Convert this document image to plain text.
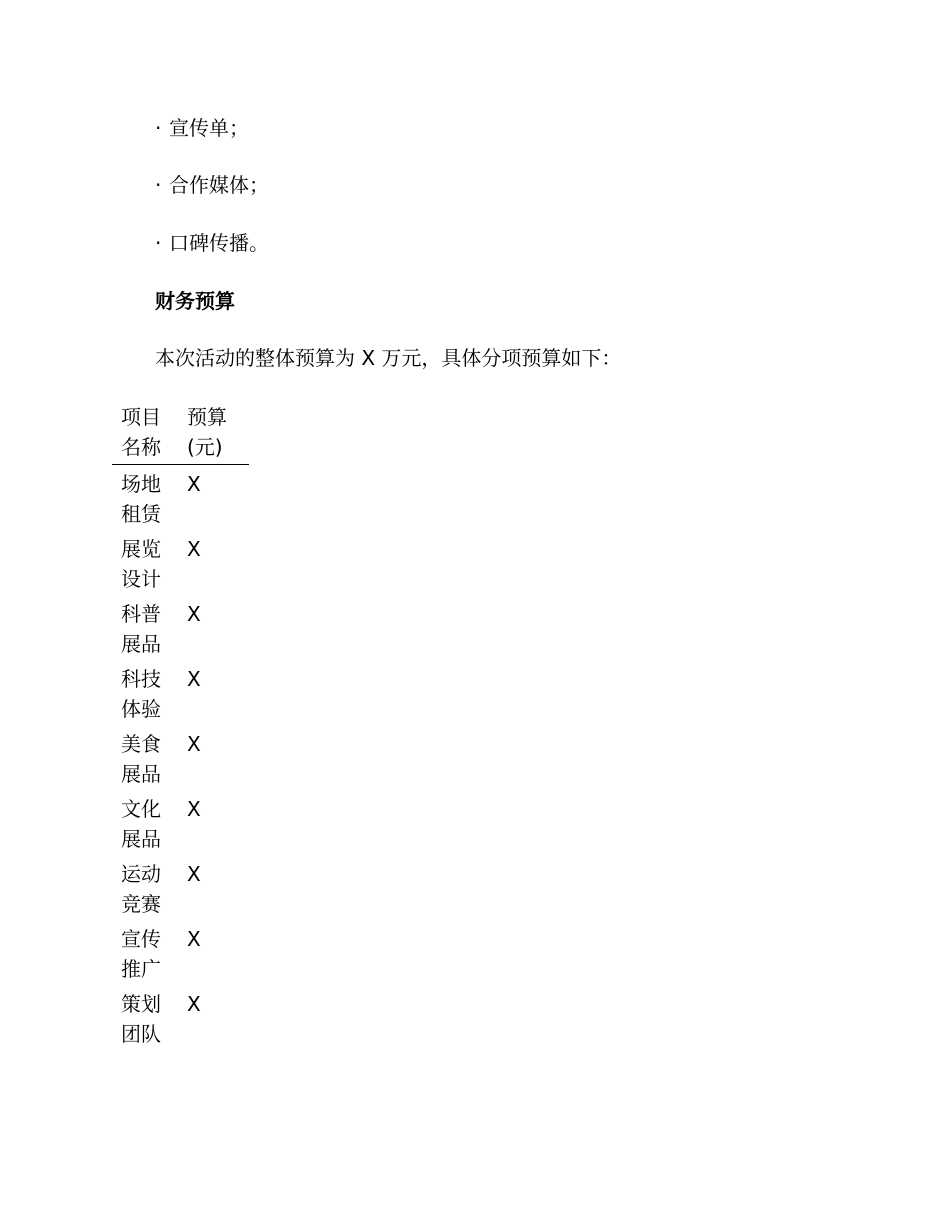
· 宣传单；
· 合作媒体；
· 口碑传播。
财务预算
本次活动的整体预算为 X 万元，具体分项预算如下：
项目名称	预算(元)
场地租赁	X
展览设计	X
科普展品	X
科技体验	X
美食展品	X
文化展品	X
运动竞赛	X
宣传推广	X
策划团队	X
